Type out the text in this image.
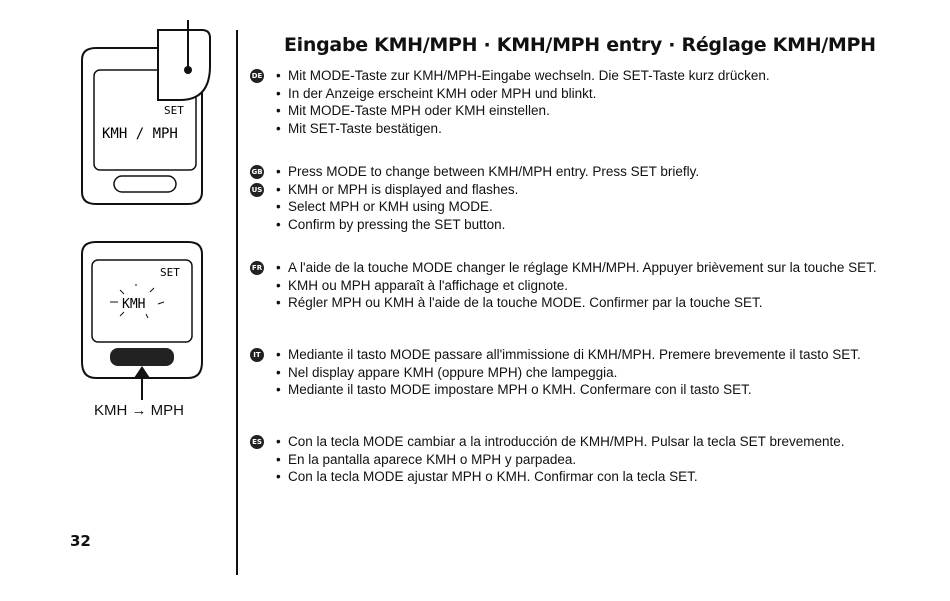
SET
KMH / MPH
SET
KMH
KMH → MPH
32
Eingabe KMH/MPH · KMH/MPH entry · Réglage KMH/MPH
DE	• Mit MODE-Taste zur KMH/MPH-Eingabe wechseln. Die SET-Taste kurz drücken.
• In der Anzeige erscheint KMH oder MPH und blinkt.
• Mit MODE-Taste MPH oder KMH einstellen.
• Mit SET-Taste bestätigen.
GB
US
• Press MODE to change between KMH/MPH entry. Press SET briefly.
• KMH or MPH is displayed and flashes.
• Select MPH or KMH using MODE.
• Confirm by pressing the SET button.
FR	• A l'aide de la touche MODE changer le réglage KMH/MPH. Appuyer brièvement sur la touche SET.
• KMH ou MPH apparaît à l'affichage et clignote.
• Régler MPH ou KMH à l'aide de la touche MODE. Confirmer par la touche SET.
IT	• Mediante il tasto MODE passare all'immissione di KMH/MPH. Premere brevemente il tasto SET.
• Nel display appare KMH (oppure MPH) che lampeggia.
• Mediante il tasto MODE impostare MPH o KMH. Confermare con il tasto SET.
ES	• Con la tecla MODE cambiar a la introducción de KMH/MPH. Pulsar la tecla SET brevemente.
• En la pantalla aparece KMH o MPH y parpadea.
• Con la tecla MODE ajustar MPH o KMH. Confirmar con la tecla SET.
